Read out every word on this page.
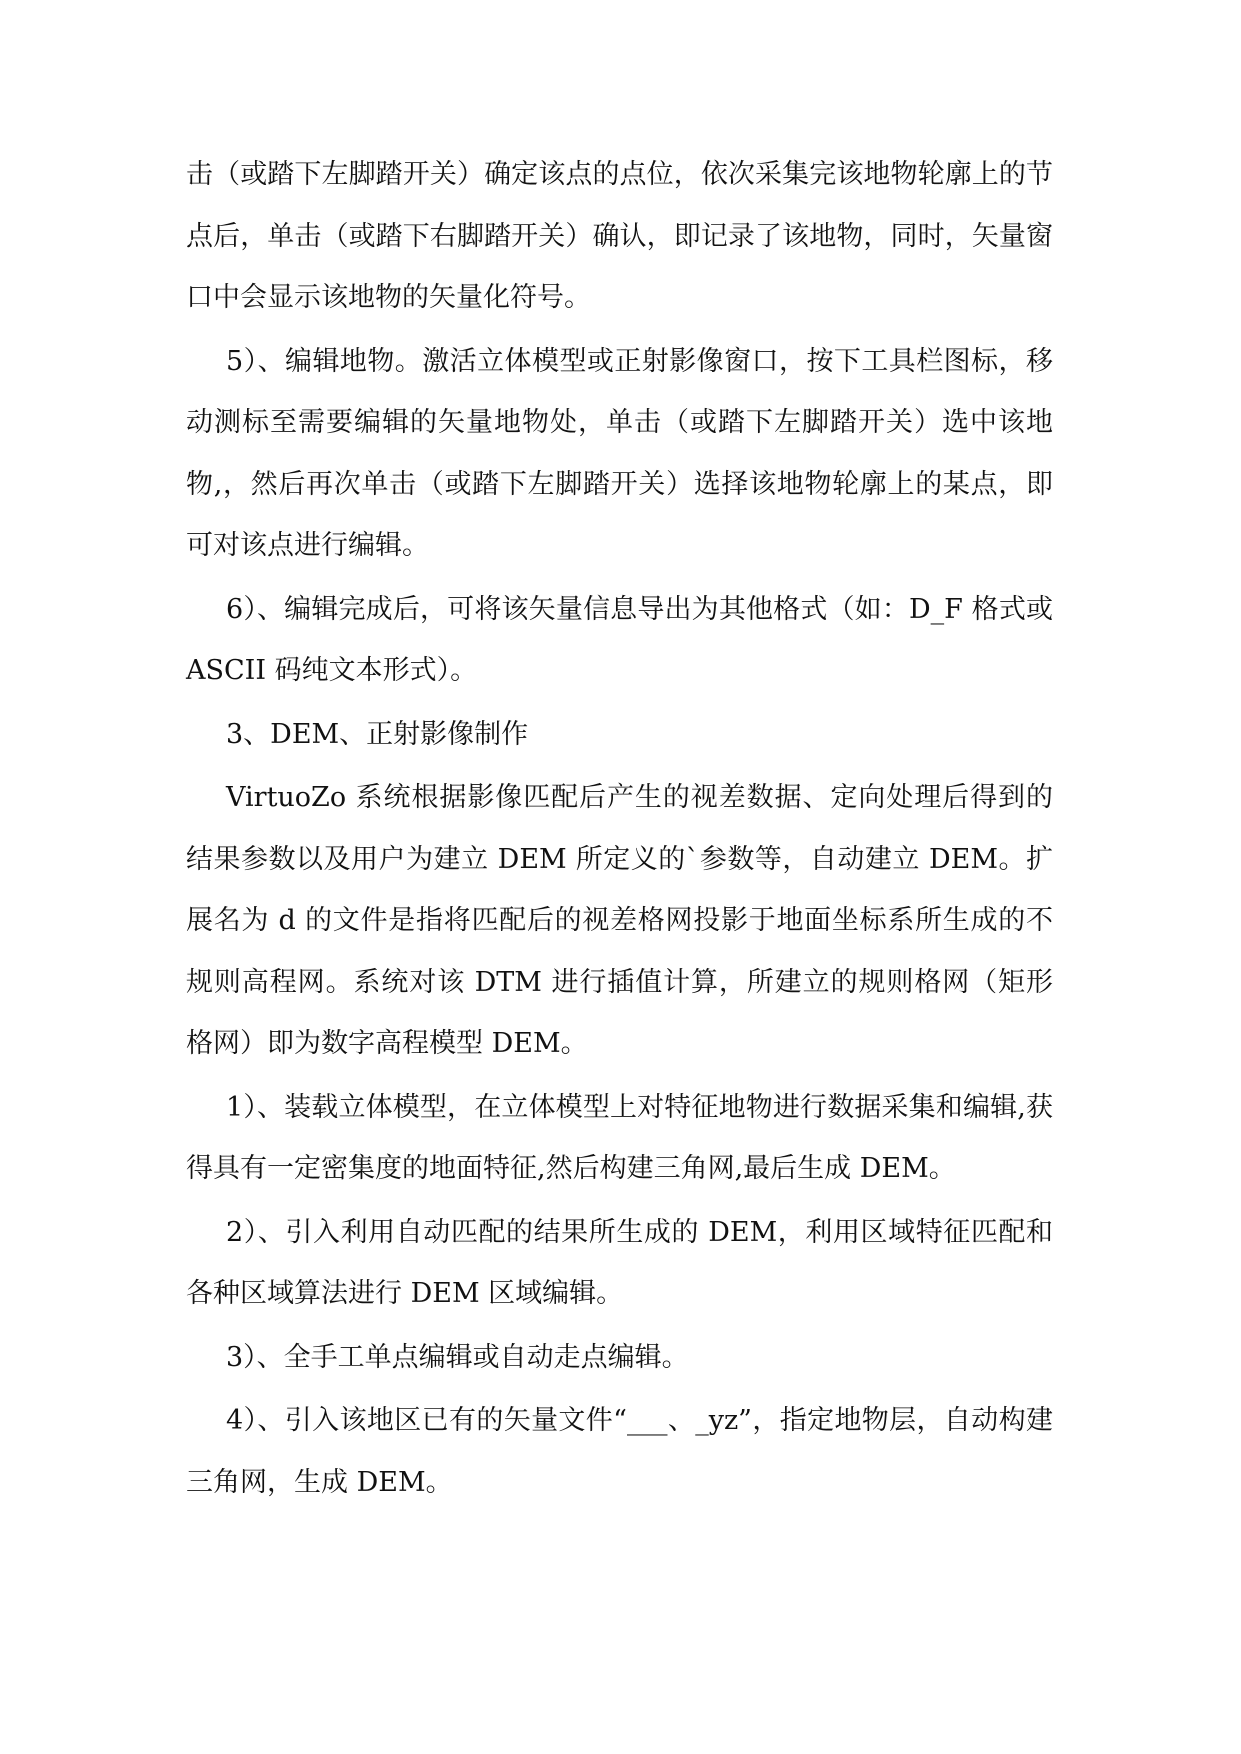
击（或踏下左脚踏开关）确定该点的点位，依次采集完该地物轮廓上的节点后，单击（或踏下右脚踏开关）确认，即记录了该地物，同时，矢量窗口中会显示该地物的矢量化符号。

5）、编辑地物。激活立体模型或正射影像窗口，按下工具栏图标，移动测标至需要编辑的矢量地物处，单击（或踏下左脚踏开关）选中该地物,，然后再次单击（或踏下左脚踏开关）选择该地物轮廓上的某点，即可对该点进行编辑。

6）、编辑完成后，可将该矢量信息导出为其他格式（如：D_F 格式或 ASCII 码纯文本形式）。

3、DEM、正射影像制作

VirtuoZo 系统根据影像匹配后产生的视差数据、定向处理后得到的结果参数以及用户为建立 DEM 所定义的`参数等，自动建立 DEM。扩展名为 d 的文件是指将匹配后的视差格网投影于地面坐标系所生成的不规则高程网。系统对该 DTM 进行插值计算，所建立的规则格网（矩形格网）即为数字高程模型 DEM。

1）、装载立体模型，在立体模型上对特征地物进行数据采集和编辑,获得具有一定密集度的地面特征,然后构建三角网,最后生成 DEM。

2）、引入利用自动匹配的结果所生成的 DEM，利用区域特征匹配和各种区域算法进行 DEM 区域编辑。

3）、全手工单点编辑或自动走点编辑。

4）、引入该地区已有的矢量文件“___、_yz”，指定地物层，自动构建三角网，生成 DEM。
